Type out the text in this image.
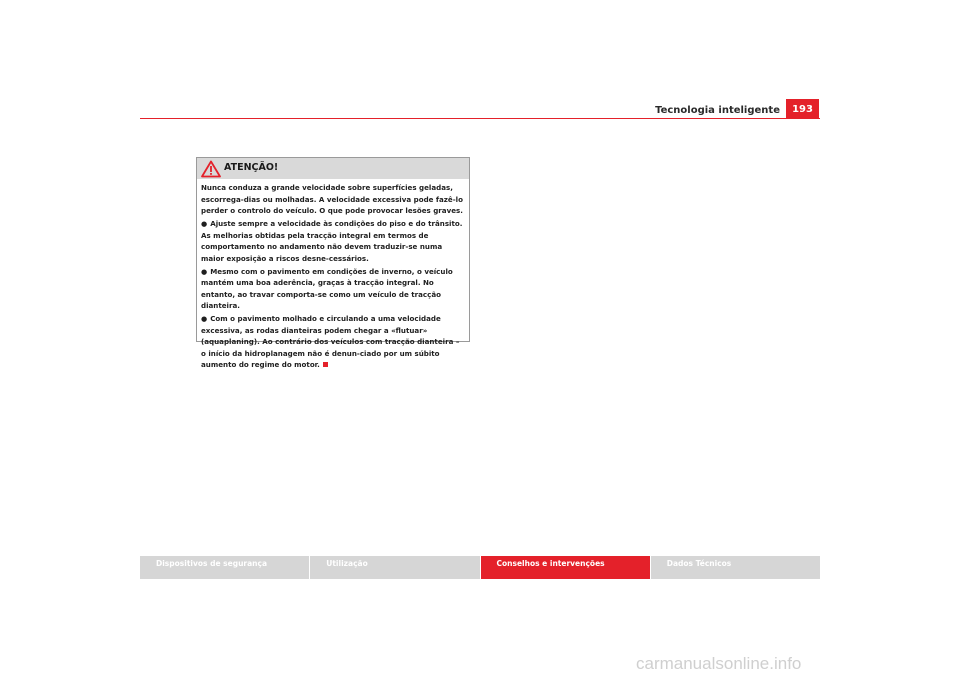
Tecnologia inteligente	193
ATENÇÃO!

Nunca conduza a grande velocidade sobre superfícies geladas, escorrega-dias ou molhadas. A velocidade excessiva pode fazê-lo perder o controlo do veículo. O que pode provocar lesões graves.

● Ajuste sempre a velocidade às condições do piso e do trânsito. As melhorias obtidas pela tracção integral em termos de comportamento no andamento não devem traduzir-se numa maior exposição a riscos desne-cessários.

● Mesmo com o pavimento em condições de inverno, o veículo mantém uma boa aderência, graças à tracção integral. No entanto, ao travar comporta-se como um veículo de tracção dianteira.

● Com o pavimento molhado e circulando a uma velocidade excessiva, as rodas dianteiras podem chegar a «flutuar» (aquaplaning). Ao contrário dos veículos com tracção dianteira – o início da hidroplanagem não é denun-ciado por um súbito aumento do regime do motor.

Dispositivos de segurança	Utilização	Conselhos e intervenções	Dados Técnicos
carmanualsonline.info
